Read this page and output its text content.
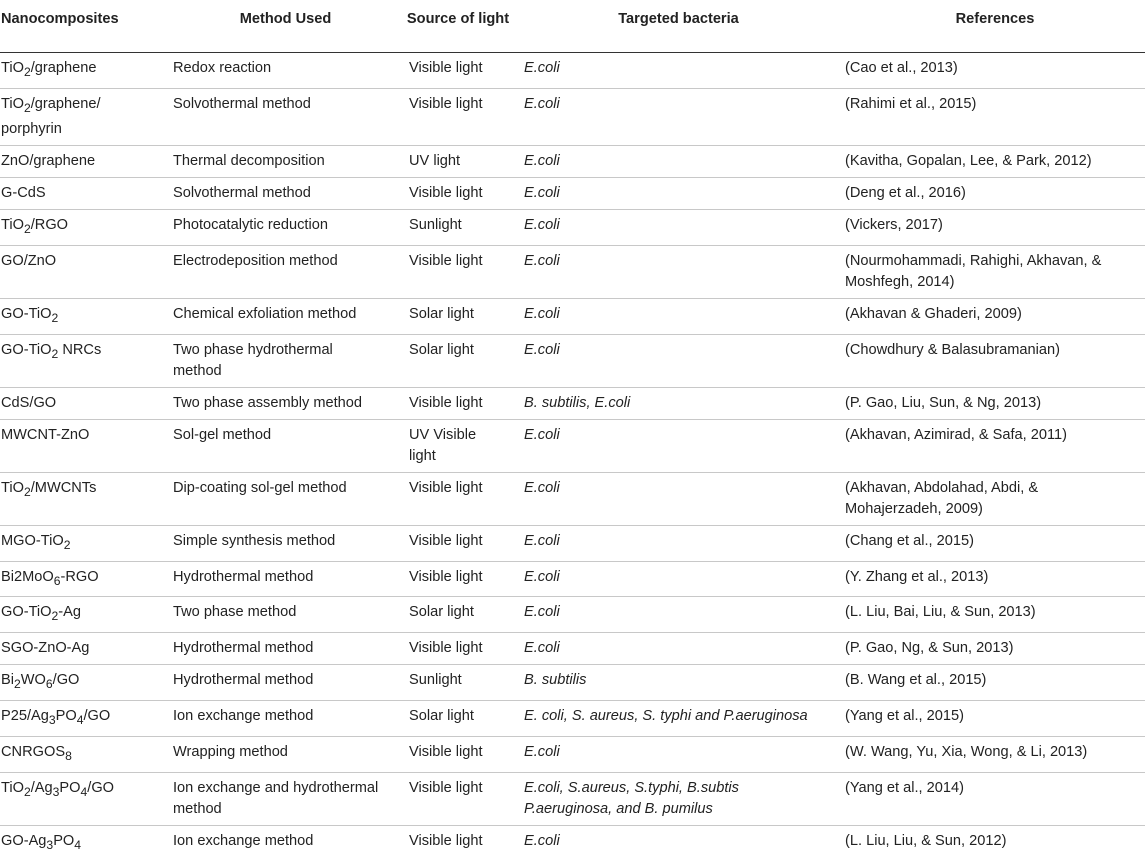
Nanocomposites	Method Used	Source of light	Targeted bacteria	References
TiO$_2$/graphene	Redox reaction	Visible light	E.coli	(Cao et al., 2013)
TiO$_2$/graphene/
porphyrin	Solvothermal method	Visible light	E.coli	(Rahimi et al., 2015)
ZnO/graphene	Thermal decomposition	UV light	E.coli	(Kavitha, Gopalan, Lee, & Park, 2012)
G-CdS	Solvothermal method	Visible light	E.coli	(Deng et al., 2016)
TiO$_2$/RGO	Photocatalytic reduction	Sunlight	E.coli	(Vickers, 2017)
GO/ZnO	Electrodeposition method	Visible light	E.coli	(Nourmohammadi, Rahighi, Akhavan, &
Moshfegh, 2014)
GO-TiO$_2$	Chemical exfoliation method	Solar light	E.coli	(Akhavan & Ghaderi, 2009)
GO-TiO$_2$ NRCs	Two phase hydrothermal
method	Solar light	E.coli	(Chowdhury & Balasubramanian)
CdS/GO	Two phase assembly method	Visible light	B. subtilis, E.coli	(P. Gao, Liu, Sun, & Ng, 2013)
MWCNT-ZnO	Sol-gel method	UV Visible
light	E.coli	(Akhavan, Azimirad, & Safa, 2011)
TiO$_2$/MWCNTs	Dip-coating sol-gel method	Visible light	E.coli	(Akhavan, Abdolahad, Abdi, &
Mohajerzadeh, 2009)
MGO-TiO$_2$	Simple synthesis method	Visible light	E.coli	(Chang et al., 2015)
Bi2MoO$_6$-RGO	Hydrothermal method	Visible light	E.coli	(Y. Zhang et al., 2013)
GO-TiO$_2$-Ag	Two phase method	Solar light	E.coli	(L. Liu, Bai, Liu, & Sun, 2013)
SGO-ZnO-Ag	Hydrothermal method	Visible light	E.coli	(P. Gao, Ng, & Sun, 2013)
$Bi_2WO_6/GO$	Hydrothermal method	Sunlight	B. subtilis	(B. Wang et al., 2015)
$P25/Ag_3PO_4/GO$	Ion exchange method	Solar light	E. coli, S. aureus, S. typhi and P.aeruginosa	(Yang et al., 2015)
$CNRGOS_8$	Wrapping method	Visible light	E.coli	(W. Wang, Yu, Xia, Wong, & Li, 2013)
$TiO_2/Ag_3PO_4/GO$	Ion exchange and hydrothermal
method	Visible light	E.coli, S.aureus, S.typhi, B.subtis
P.aeruginosa, and B. pumilus	(Yang et al., 2014)
$GO-Ag_3PO_4$	Ion exchange method	Visible light	E.coli	(L. Liu, Liu, & Sun, 2012)
